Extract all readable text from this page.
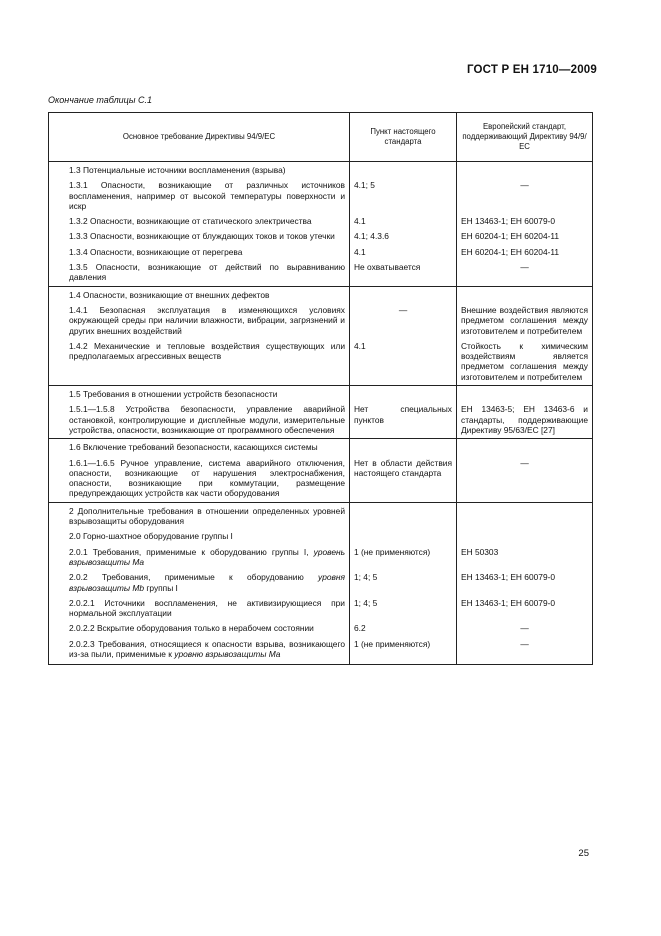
ГОСТ Р ЕН 1710—2009
Окончание таблицы С.1
Основное требование Директивы 94/9/ЕС	Пункт настоящего стандарта	Европейский стандарт, поддерживающий Директиву 94/9/ЕС

1.3 Потенциальные источники воспламенения (взрыва)		

1.3.1 Опасности, возникающие от различных источников воспламенения, например от высокой температуры поверхности и искр	4.1; 5	—

1.3.2 Опасности, возникающие от статического электричества	4.1	ЕН 13463-1; ЕН 60079-0

1.3.3 Опасности, возникающие от блуждающих токов и токов утечки	4.1; 4.3.6	ЕН 60204-1; ЕН 60204-11

1.3.4 Опасности, возникающие от перегрева	4.1	ЕН 60204-1; ЕН 60204-11

1.3.5 Опасности, возникающие от действий по выравниванию давления	Не охватывается	—

1.4 Опасности, возникающие от внешних дефектов		

1.4.1 Безопасная эксплуатация в изменяющихся условиях окружающей среды при наличии влажности, вибрации, загрязнений и других внешних воздействий	—	Внешние воздействия являются предметом соглашения между изготовителем и потребителем

1.4.2 Механические и тепловые воздействия существующих или предполагаемых агрессивных веществ	4.1	Стойкость к химическим воздействиям является предметом соглашения между изготовителем и потребителем

1.5 Требования в отношении устройств безопасности		

1.5.1—1.5.8 Устройства безопасности, управление аварийной остановкой, контролирующие и дисплейные модули, измерительные устройства, опасности, возникающие от программного обеспечения	Нет специальных пунктов	ЕН 13463-5; ЕН 13463-6 и стандарты, поддерживающие Директиву 95/63/ЕС [27]

1.6 Включение требований безопасности, касающихся системы		

1.6.1—1.6.5 Ручное управление, система аварийного отключения, опасности, возникающие от нарушения электроснабжения, опасности, возникающие при коммутации, размещение предупреждающих устройств как части оборудования	Нет в области действия настоящего стандарта	—

2 Дополнительные требования в отношении определенных уровней взрывозащиты оборудования		

2.0 Горно-шахтное оборудование группы I		

2.0.1 Требования, применимые к оборудованию группы I, уровень взрывозащиты Ма	1 (не применяются)	ЕН 50303

2.0.2 Требования, применимые к оборудованию уровня взрывозащиты Mb группы I	1; 4; 5	ЕН 13463-1; ЕН 60079-0

2.0.2.1 Источники воспламенения, не активизирующиеся при нормальной эксплуатации	1; 4; 5	ЕН 13463-1; ЕН 60079-0

2.0.2.2 Вскрытие оборудования только в нерабочем состоянии	6.2	—

2.0.2.3 Требования, относящиеся к опасности взрыва, возникающего из-за пыли, применимые к уровню взрывозащиты Ма	1 (не применяются)	—
25
